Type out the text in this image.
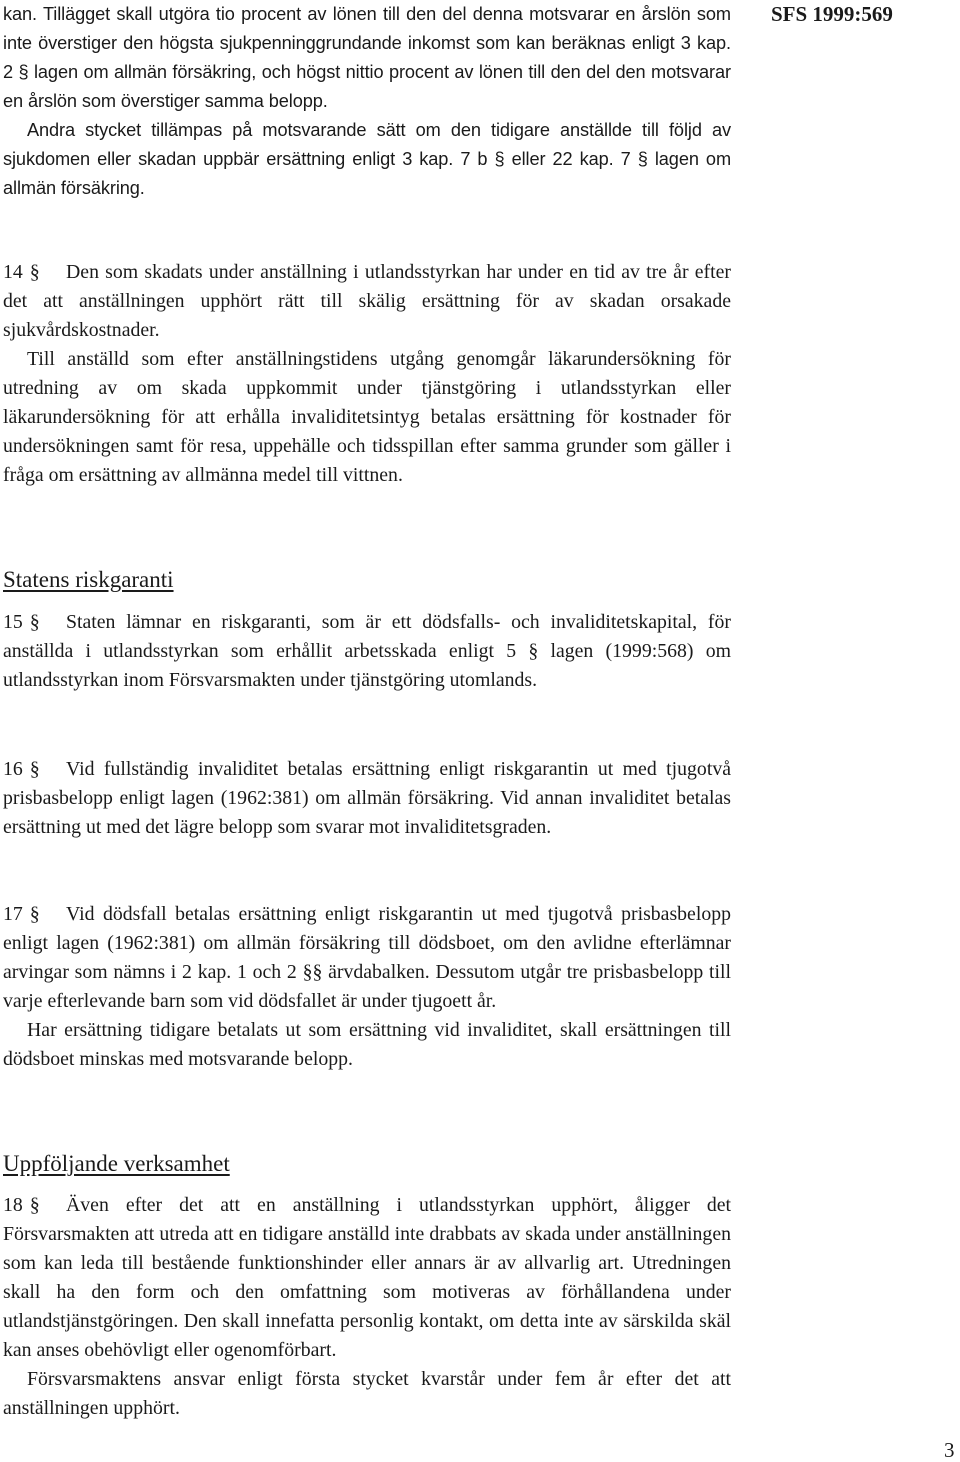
SFS 1999:569

kan. Tillägget skall utgöra tio procent av lönen till den del denna motsvarar en årslön som inte överstiger den högsta sjukpenninggrundande inkomst som kan beräknas enligt 3 kap. 2 § lagen om allmän försäkring, och högst nittio procent av lönen till den del den motsvarar en årslön som överstiger samma belopp.

Andra stycket tillämpas på motsvarande sätt om den tidigare anställde till följd av sjukdomen eller skadan uppbär ersättning enligt 3 kap. 7 b § eller 22 kap. 7 § lagen om allmän försäkring.

14 § Den som skadats under anställning i utlandsstyrkan har under en tid av tre år efter det att anställningen upphört rätt till skälig ersättning för av skadan orsakade sjukvårdskostnader.

Till anställd som efter anställningstidens utgång genomgår läkarundersökning för utredning av om skada uppkommit under tjänstgöring i utlandsstyrkan eller läkarundersökning för att erhålla invaliditetsintyg betalas ersättning för kostnader för undersökningen samt för resa, uppehälle och tidsspillan efter samma grunder som gäller i fråga om ersättning av allmänna medel till vittnen.

Statens riskgaranti

15 § Staten lämnar en riskgaranti, som är ett dödsfalls- och invaliditetskapital, för anställda i utlandsstyrkan som erhållit arbetsskada enligt 5 § lagen (1999:568) om utlandsstyrkan inom Försvarsmakten under tjänstgöring utomlands.

16 § Vid fullständig invaliditet betalas ersättning enligt riskgarantin ut med tjugotvå prisbasbelopp enligt lagen (1962:381) om allmän försäkring. Vid annan invaliditet betalas ersättning ut med det lägre belopp som svarar mot invaliditetsgraden.

17 § Vid dödsfall betalas ersättning enligt riskgarantin ut med tjugotvå prisbasbelopp enligt lagen (1962:381) om allmän försäkring till dödsboet, om den avlidne efterlämnar arvingar som nämns i 2 kap. 1 och 2 §§ ärvdabalken. Dessutom utgår tre prisbasbelopp till varje efterlevande barn som vid dödsfallet är under tjugoett år.

Har ersättning tidigare betalats ut som ersättning vid invaliditet, skall ersättningen till dödsboet minskas med motsvarande belopp.

Uppföljande verksamhet

18 § Även efter det att en anställning i utlandsstyrkan upphört, åligger det Försvarsmakten att utreda att en tidigare anställd inte drabbats av skada under anställningen som kan leda till bestående funktionshinder eller annars är av allvarlig art. Utredningen skall ha den form och den omfattning som motiveras av förhållandena under utlandstjänstgöringen. Den skall innefatta personlig kontakt, om detta inte av särskilda skäl kan anses obehövligt eller ogenomförbart.

Försvarsmaktens ansvar enligt första stycket kvarstår under fem år efter det att anställningen upphört.

3
